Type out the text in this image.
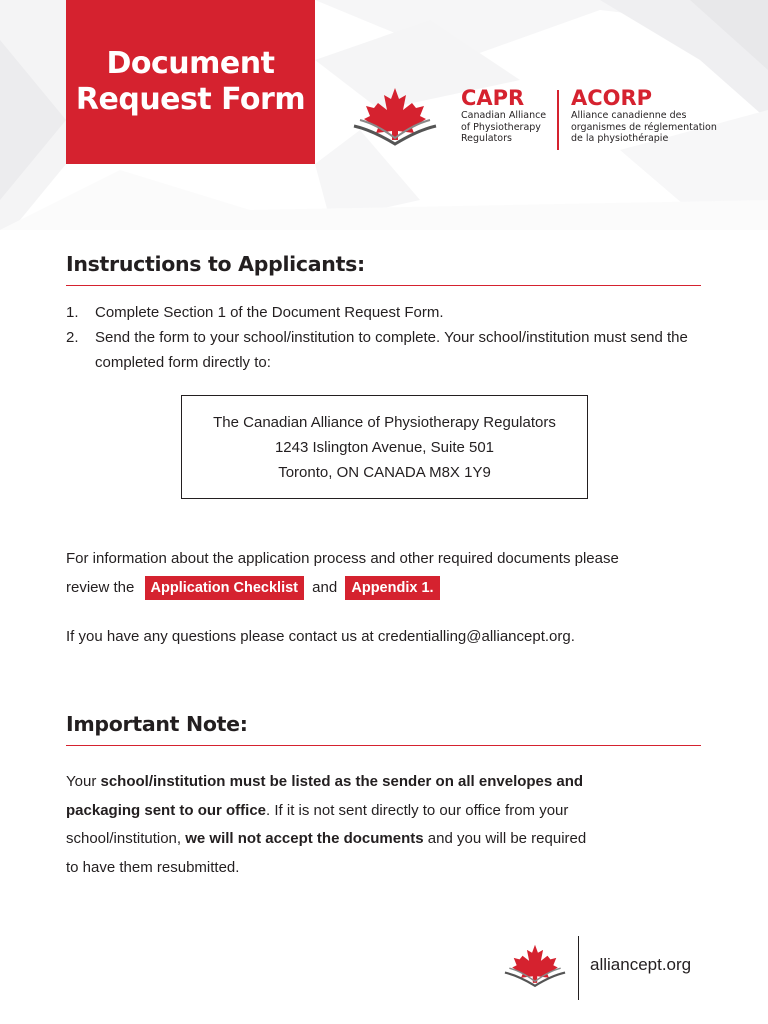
Document
Request Form	CAPR
Canadian Alliance
of Physiotherapy
Regulators
ACORP
Alliance canadienne des
organismes de réglementation
de la physiothérapie
Instructions to Applicants:
1. Complete Section 1 of the Document Request Form.
2. Send the form to your school/institution to complete. Your school/institution must send the completed form directly to:
The Canadian Alliance of Physiotherapy Regulators
1243 Islington Avenue, Suite 501
Toronto, ON CANADA M8X 1Y9
For information about the application process and other required documents please
review the Application Checklist and Appendix 1.
If you have any questions please contact us at credentialling@alliancept.org.
Important Note:
Your school/institution must be listed as the sender on all envelopes and
packaging sent to our office. If it is not sent directly to our office from your
school/institution, we will not accept the documents and you will be required
to have them resubmitted.
alliancept.org
